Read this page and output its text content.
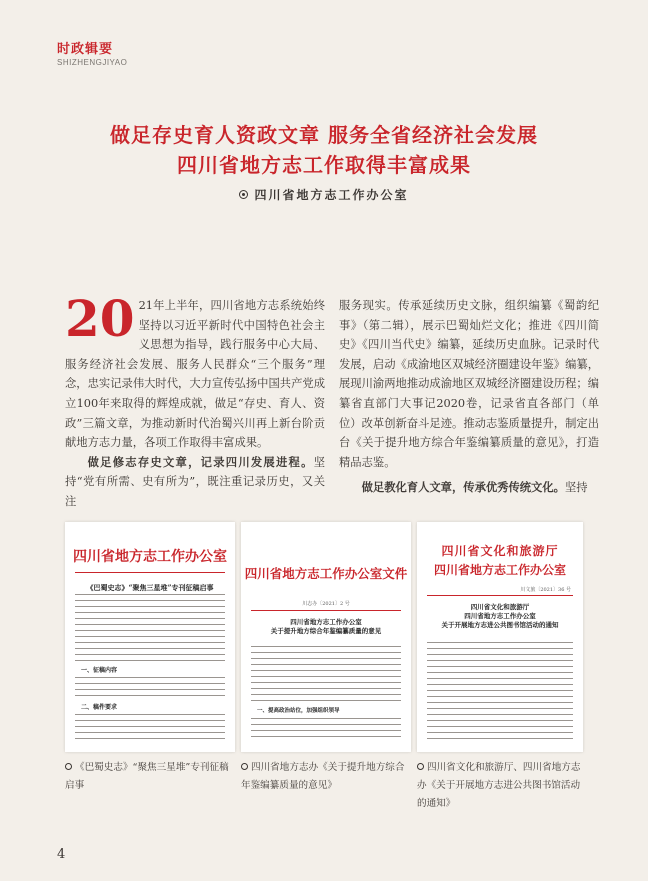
时政辑要
SHIZHENGJIYAO
做足存史育人资政文章 服务全省经济社会发展
四川省地方志工作取得丰富成果
四川省地方志工作办公室
20 21年上半年，四川省地方志系统始终坚持以习近平新时代中国特色社会主义思想为指导，践行服务中心大局、服务经济社会发展、服务人民群众“三个服务”理念，忠实记录伟大时代，大力宣传弘扬中国共产党成立100年来取得的辉煌成就，做足“存史、育人、资政”三篇文章，为推动新时代治蜀兴川再上新台阶贡献地方志力量，各项工作取得丰富成果。

做足修志存史文章，记录四川发展进程。坚持“党有所需、史有所为”，既注重记录历史，又关注

服务现实。传承延续历史文脉，组织编纂《蜀韵纪事》（第二辑），展示巴蜀灿烂文化；推进《四川简史》《四川当代史》编纂，延续历史血脉。记录时代发展，启动《成渝地区双城经济圈建设年鉴》编纂，展现川渝两地推动成渝地区双城经济圈建设历程；编纂省直部门大事记2020卷，记录省直各部门（单位）改革创新奋斗足迹。推动志鉴质量提升，制定出台《关于提升地方综合年鉴编纂质量的意见》，打造精品志鉴。

做足教化育人文章，传承优秀传统文化。坚持

四川省地方志工作办公室
《巴蜀史志》“聚焦三星堆”专刊征稿启事
一、征稿内容
二、稿件要求
四川省地方志工作办公室文件
川志办〔2021〕2 号
四川省地方志工作办公室
关于提升地方综合年鉴编纂质量的意见
一、提高政治站位，加强组织领导
四川省文化和旅游厅
四川省地方志工作办公室
川文旅〔2021〕36 号
四川省文化和旅游厅
四川省地方志工作办公室
关于开展地方志进公共图书馆活动的通知
《巴蜀史志》“聚焦三星堆”专刊征稿启事
四川省地方志办《关于提升地方综合年鉴编纂质量的意见》
四川省文化和旅游厅、四川省地方志办《关于开展地方志进公共图书馆活动的通知》
4
